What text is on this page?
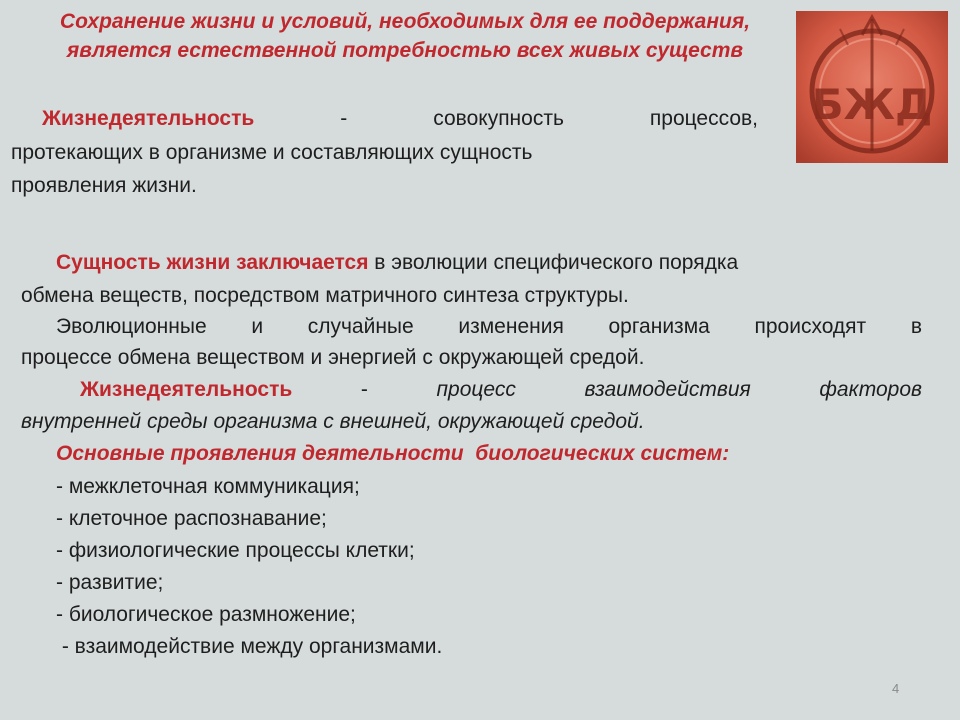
Сохранение жизни и условий, необходимых для ее поддержания, является естественной потребностью всех живых существ
БЖД
Жизнедеятельность	-	совокупность	процессов,
протекающих в организме и составляющих сущность
проявления жизни.
Сущность жизни заключается в эволюции специфического порядка
обмена веществ, посредством матричного синтеза структуры.
Эволюционные и случайные изменения организма происходят в
процессе обмена веществом и энергией с окружающей средой.
Жизнедеятельность	-	процесс взаимодействия факторов
внутренней среды организма с внешней, окружающей средой.
Основные проявления деятельности  биологических систем:
- межклеточная коммуникация;
- клеточное распознавание;
- физиологические процессы клетки;
- развитие;
- биологическое размножение;
- взаимодействие между организмами.
4
